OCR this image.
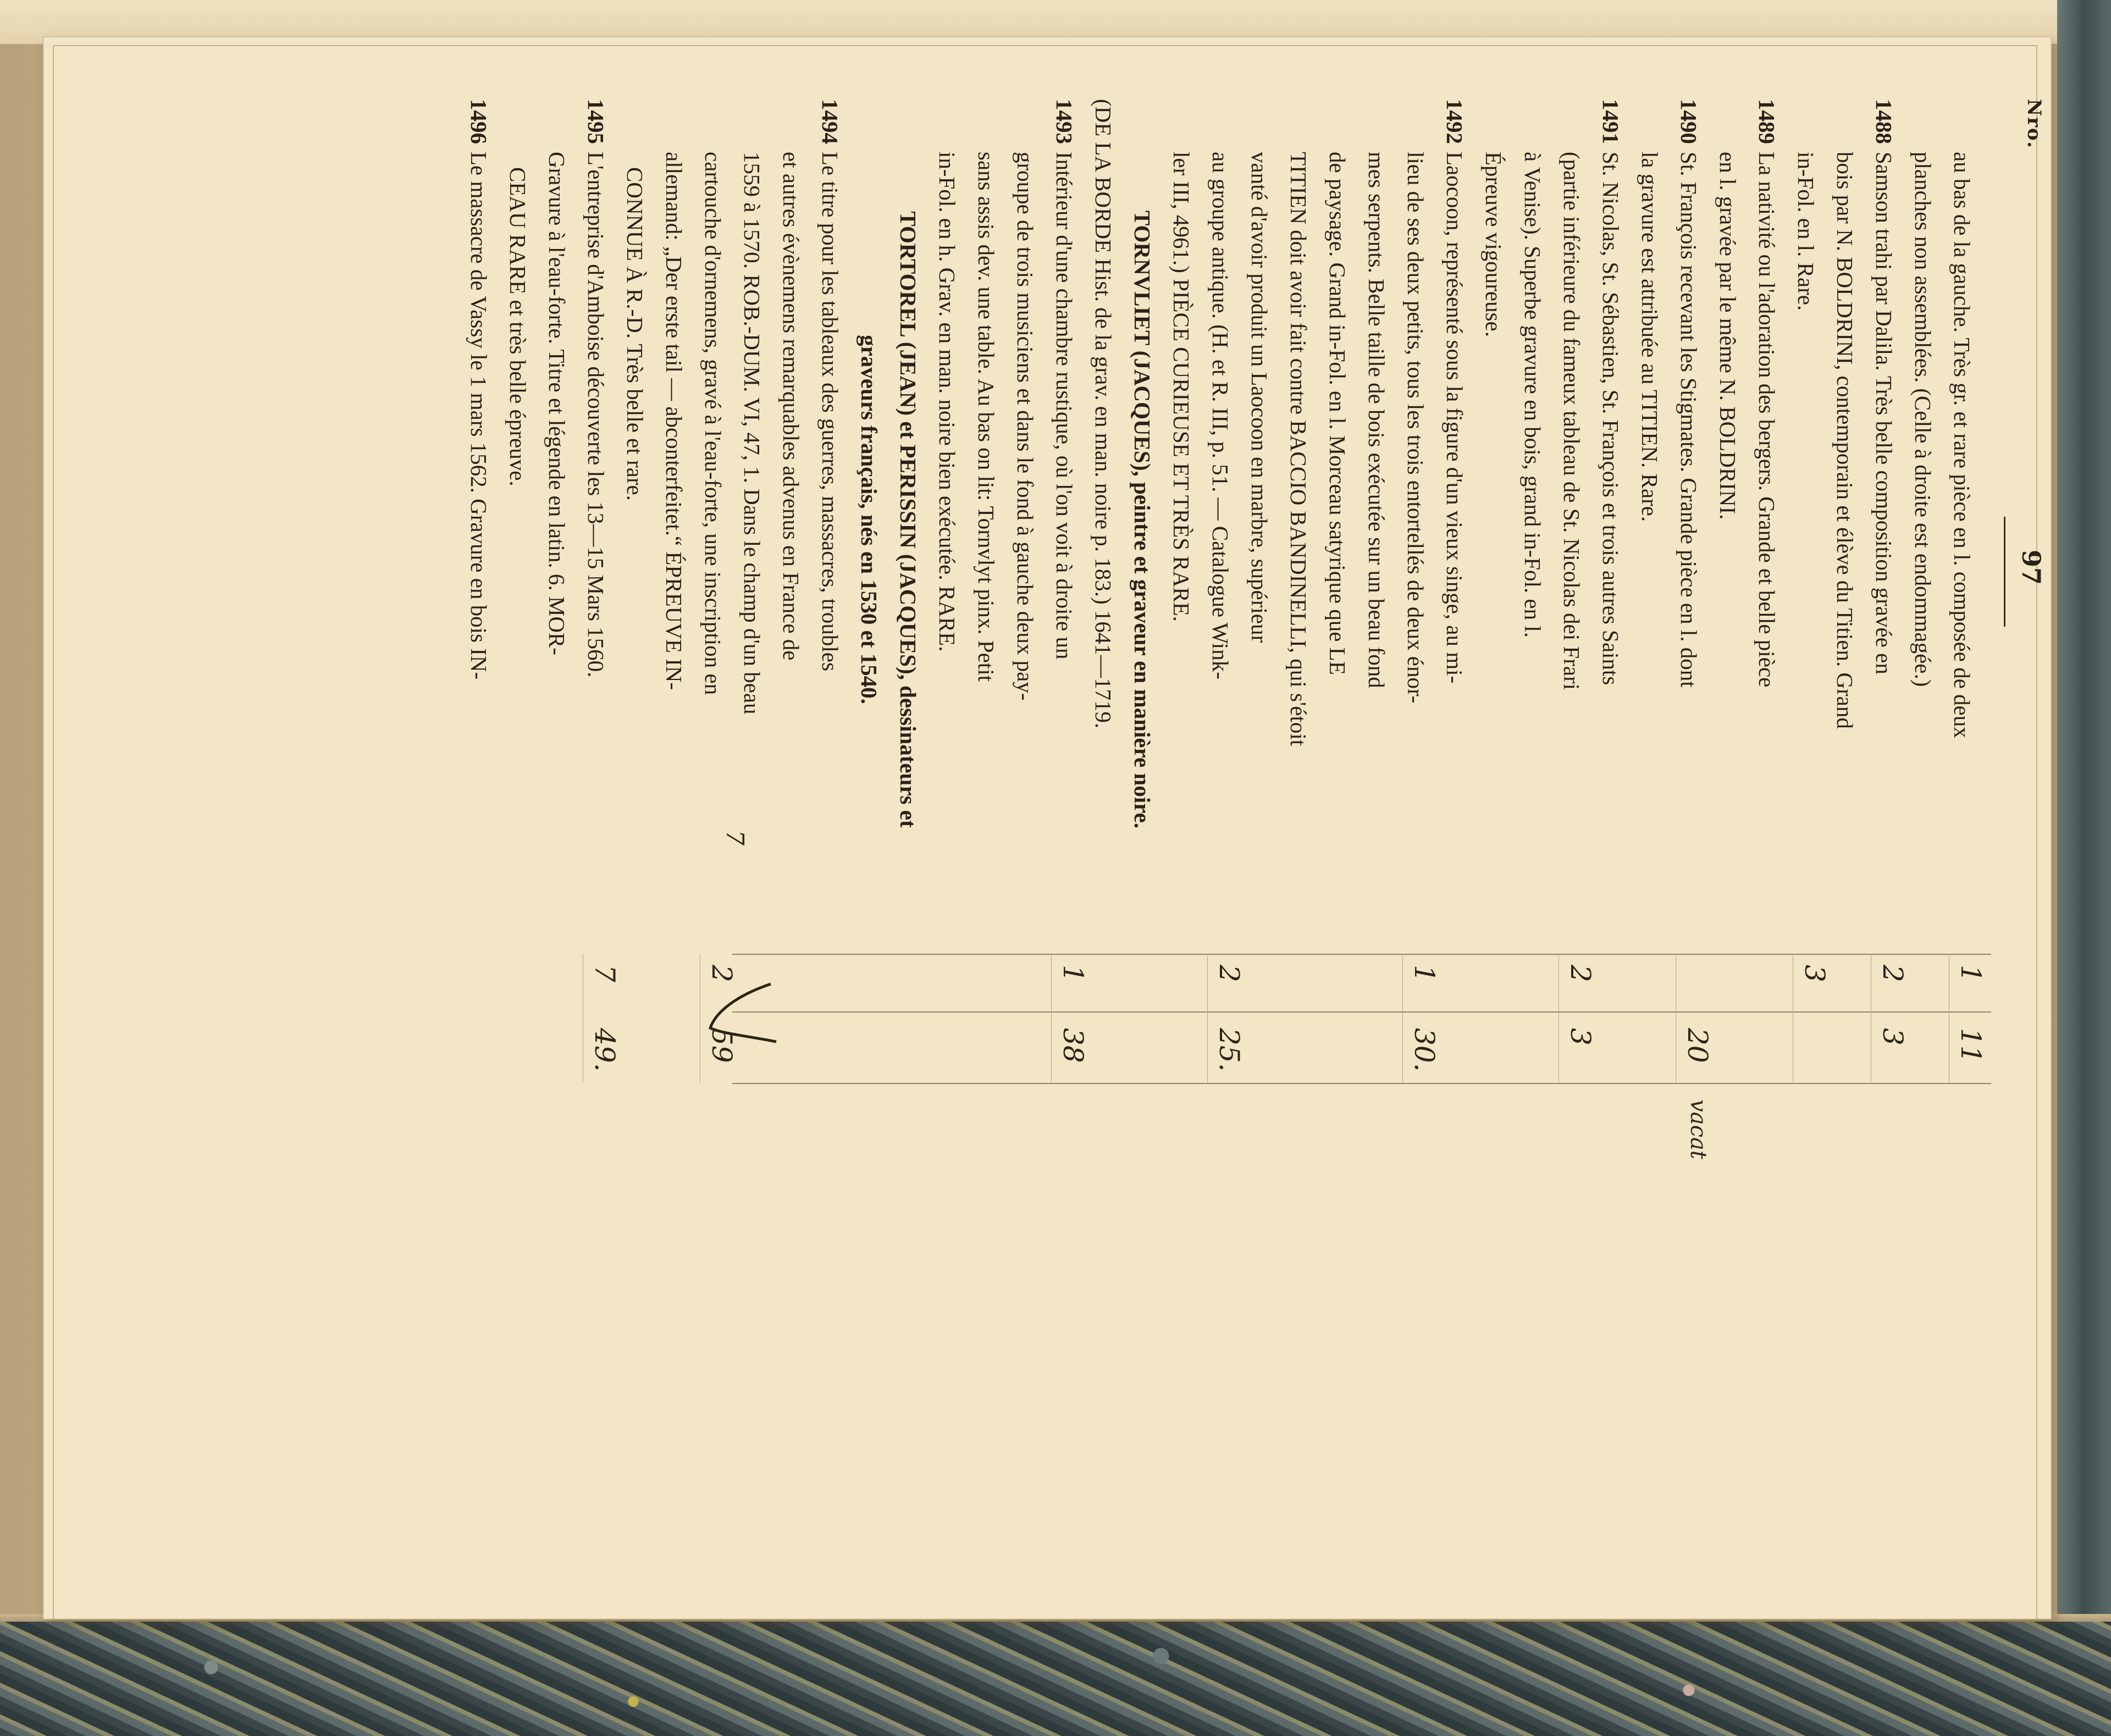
Nro.
97
au bas de la gauche. Très gr. et rare pièce en l. composée de deux
planches non assemblées. (Celle à droite est endommagée.)
1488Samson trahi par Dalila. Très belle composition gravée en
bois par N. BOLDRINI, contemporain et élève du Titien. Grand
in-Fol. en l. Rare.
1489La nativité ou l'adoration des bergers. Grande et belle pièce
en l. gravée par le même N. BOLDRINI.
1490St. François recevant les Stigmates. Grande pièce en l. dont
la gravure est attribuée au TITIEN. Rare.
1491St. Nicolas, St. Sébastien, St. François et trois autres Saints
(partie inférieure du fameux tableau de St. Nicolas dei Frari
à Venise). Superbe gravure en bois, grand in-Fol. en l.
Épreuve vigoureuse.
1492Laocoon, représenté sous la figure d'un vieux singe, au mi-
lieu de ses deux petits, tous les trois entortellés de deux énor-
mes serpents. Belle taille de bois exécutée sur un beau fond
de paysage. Grand in-Fol. en l. Morceau satyrique que LE
TITIEN doit avoir fait contre BACCIO BANDINELLI, qui s'étoit
vanté d'avoir produit un Laocoon en marbre, supérieur
au groupe antique. (H. et R. III, p. 51. — Catalogue Wink-
ler III, 4961.) PIÈCE CURIEUSE ET TRÈS RARE.
TORNVLIET (JACQUES), peintre et graveur en manière noire.
(DE LA BORDE Hist. de la grav. en man. noire p. 183.) 1641—1719.
1493Intérieur d'une chambre rustique, où l'on voit à droite un
groupe de trois musiciens et dans le fond à gauche deux pay-
sans assis dev. une table. Au bas on lit: Tornvlyt pinx. Petit
in-Fol. en h. Grav. en man. noire bien exécutée. RARE.
TORTOREL (JEAN) et PERISSIN (JACQUES), dessinateurs et
graveurs français, nés en 1530 et 1540.
1494Le titre pour les tableaux des guerres, massacres, troubles
et autres évènemens remarquables advenus en France de
1559 à 1570. ROB.-DUM. VI, 47, 1. Dans le champ d'un beau
cartouche d'ornemens, gravé à l'eau-forte, une inscription en
allemand: „Der erste tail — abconterfeitet.“ ÉPREUVE IN-
CONNUE À R.-D. Très belle et rare.
1495L'entreprise d'Amboise découverte les 13—15 Mars 1560.
Gravure à l'eau-forte. Titre et légende en latin. 6. MOR-
CEAU RARE et très belle épreuve.
1496Le massacre de Vassy le 1 mars 1562. Gravure en bois IN-
1
2
3
2
1
2
1
2
7
11
3
20
3
30.
25.
38
59
49.
vacat
7
